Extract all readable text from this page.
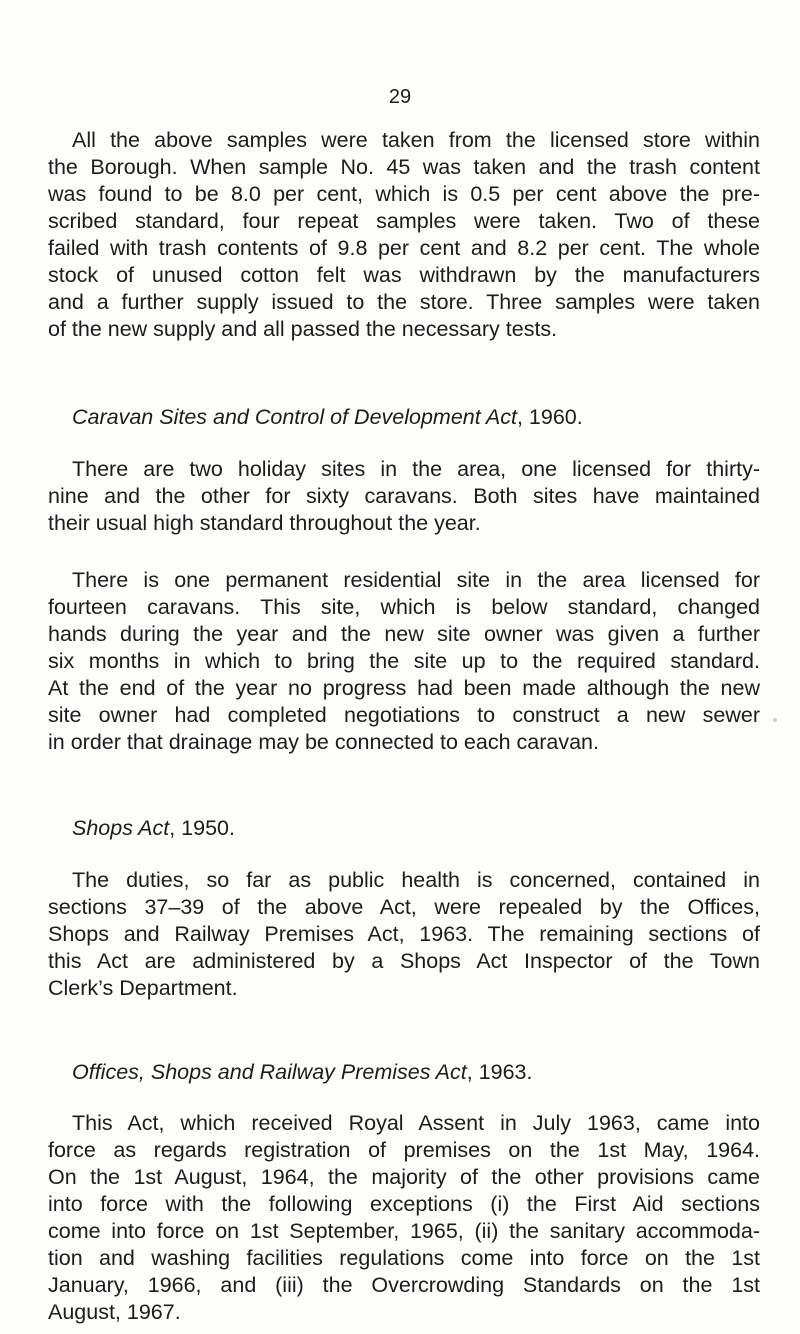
29
All the above samples were taken from the licensed store within
the Borough. When sample No. 45 was taken and the trash content
was found to be 8.0 per cent, which is 0.5 per cent above the pre-
scribed standard, four repeat samples were taken. Two of these
failed with trash contents of 9.8 per cent and 8.2 per cent. The whole
stock of unused cotton felt was withdrawn by the manufacturers
and a further supply issued to the store. Three samples were taken
of the new supply and all passed the necessary tests.
Caravan Sites and Control of Development Act, 1960.
There are two holiday sites in the area, one licensed for thirty-
nine and the other for sixty caravans. Both sites have maintained
their usual high standard throughout the year.
There is one permanent residential site in the area licensed for
fourteen caravans. This site, which is below standard, changed
hands during the year and the new site owner was given a further
six months in which to bring the site up to the required standard.
At the end of the year no progress had been made although the new
site owner had completed negotiations to construct a new sewer
in order that drainage may be connected to each caravan.
Shops Act, 1950.
The duties, so far as public health is concerned, contained in
sections 37–39 of the above Act, were repealed by the Offices,
Shops and Railway Premises Act, 1963. The remaining sections of
this Act are administered by a Shops Act Inspector of the Town
Clerk’s Department.
Offices, Shops and Railway Premises Act, 1963.
This Act, which received Royal Assent in July 1963, came into
force as regards registration of premises on the 1st May, 1964.
On the 1st August, 1964, the majority of the other provisions came
into force with the following exceptions (i) the First Aid sections
come into force on 1st September, 1965, (ii) the sanitary accommoda-
tion and washing facilities regulations come into force on the 1st
January, 1966, and (iii) the Overcrowding Standards on the 1st
August, 1967.
